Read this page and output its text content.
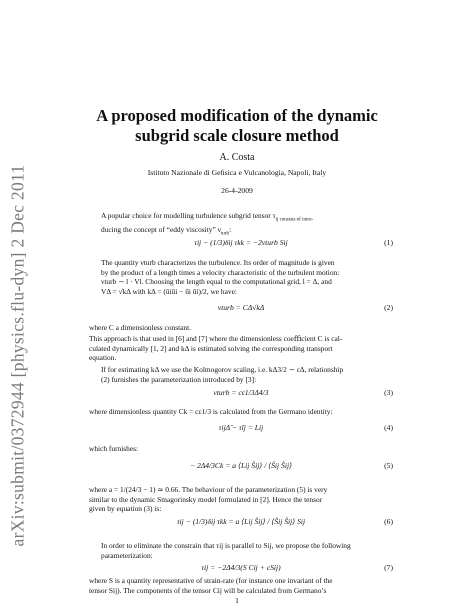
arXiv:submit/0372944 [physics.flu-dyn] 2 Dec 2011
A proposed modification of the dynamic
subgrid scale closure method
A. Costa
Istituto Nazionale di Geﬁsica e Vulcanologia, Napoli, Italy
26-4-2009
A popular choice for modelling turbulence subgrid tensor $\tau_{ij consists of intro-}$
ducing the concept of “eddy viscosity” $\nu_{turb}$:
τij − (1/3)δij τkk = −2νturb Sij	(1)
The quantity νturb characterizes the turbulence. Its order of magnitude is given
by the product of a length times a velocity characteristic of the turbulent motion:
νturb ∼ l · Vl. Choosing the length equal to the computational grid, l = Δ, and
VΔ = √kΔ with kΔ = (ūiūi − ūi ūi)/2, we have:
νturb = CΔ√kΔ	(2)
where C a dimensionless constant.
This approach is that used in [6] and [7] where the dimensionless coeﬃcient C is cal-
culated dynamically [1, 2] and kΔ is estimated solving the corresponding transport
equation.
If for estimating kΔ we use the Kolmogorov scaling, i.e. kΔ3/2 ∼ εΔ, relationship
(2) furnishes the parameterization introduced by [3]:
νturb = cε1/3Δ4/3	(3)
where dimensionless quantity Ck = cε1/3 is calculated from the Germano identity:
τijΔ̂ − τ̂ij = Lij	(4)
which furnishes:
− 2Δ4/3Ck = a ⟨Lij Ŝij⟩ / ⟨Ŝij Ŝij⟩	(5)
where a = 1/(24/3 − 1) ≃ 0.66. The behaviour of the parameterization (5) is very
similar to the dynamic Smagorinsky model formulated in [2]. Hence the tensor
given by equation (3) is:
τij − (1/3)δij τkk = a ⟨Lij Ŝij⟩ / ⟨Ŝij Ŝij⟩ Sij	(6)
In order to eliminate the constrain that τij is parallel to Sij, we propose the following
parameterization:
τij = −2Δ4/3(S Cij + cSij)	(7)
where S is a quantity representative of strain-rate (for instance one invariant of the
tensor Sij). The components of the tensor Cij will be calculated from Germano’s
1
